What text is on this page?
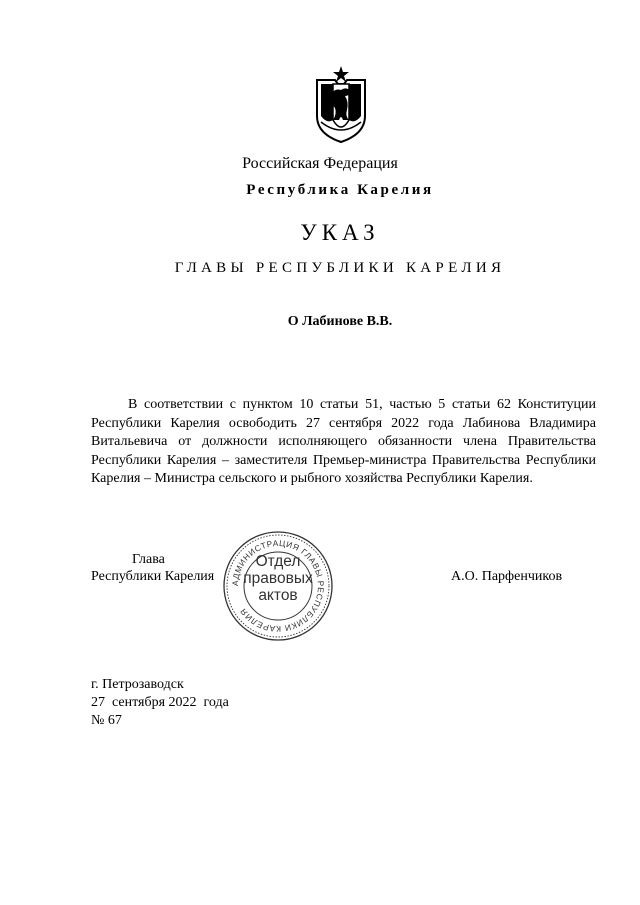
Российская Федерация
Республика Карелия
УКАЗ
ГЛАВЫ РЕСПУБЛИКИ КАРЕЛИЯ
О Лабинове В.В.

В соответствии с пунктом 10 статьи 51, частью 5 статьи 62 Конституции Республики Карелия освободить 27 сентября 2022 года Лабинова Владимира Витальевича от должности исполняющего обязанности члена Правительства Республики Карелия – заместителя Премьер-министра Правительства Республики Карелия – Министра сельского и рыбного хозяйства Республики Карелия.

Глава
Республики Карелия	А.О. Парфенчиков
АДМИНИСТРАЦИЯ ГЛАВЫ РЕСПУБЛИКИ КАРЕЛИЯ
Отдел
правовых
актов
г. Петрозаводск
27  сентября 2022  года
№ 67
